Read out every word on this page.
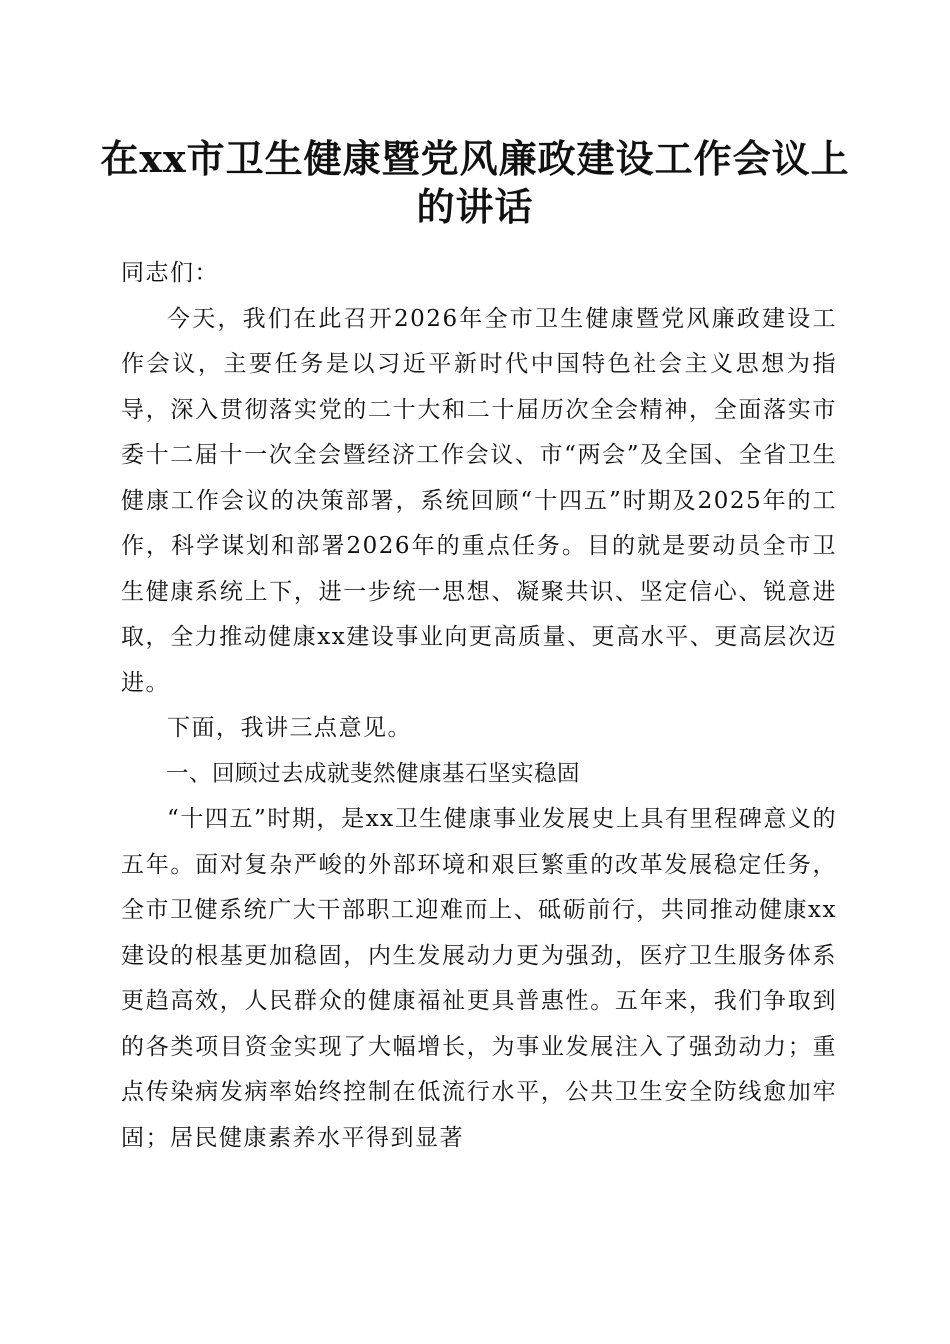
在xx市卫生健康暨党风廉政建设工作会议上
的讲话

同志们：

今天，我们在此召开2026年全市卫生健康暨党风廉政建设工作会议，主要任务是以习近平新时代中国特色社会主义思想为指导，深入贯彻落实党的二十大和二十届历次全会精神，全面落实市委十二届十一次全会暨经济工作会议、市“两会”及全国、全省卫生健康工作会议的决策部署，系统回顾“十四五”时期及2025年的工作，科学谋划和部署2026年的重点任务。目的就是要动员全市卫生健康系统上下，进一步统一思想、凝聚共识、坚定信心、锐意进取，全力推动健康xx建设事业向更高质量、更高水平、更高层次迈进。

下面，我讲三点意见。

一、回顾过去成就斐然健康基石坚实稳固

“十四五”时期，是xx卫生健康事业发展史上具有里程碑意义的五年。面对复杂严峻的外部环境和艰巨繁重的改革发展稳定任务，全市卫健系统广大干部职工迎难而上、砥砺前行，共同推动健康xx建设的根基更加稳固，内生发展动力更为强劲，医疗卫生服务体系更趋高效，人民群众的健康福祉更具普惠性。五年来，我们争取到的各类项目资金实现了大幅增长，为事业发展注入了强劲动力；重点传染病发病率始终控制在低流行水平，公共卫生安全防线愈加牢固；居民健康素养水平得到显著
